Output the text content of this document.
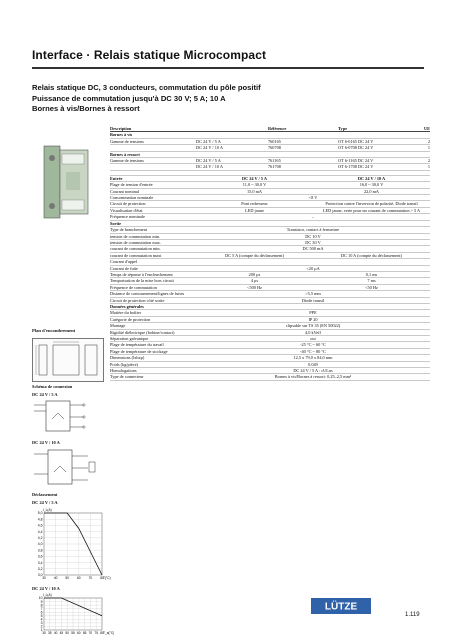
Interface · Relais statique Microcompact
Relais statique DC, 3 conducteurs, commutation du pôle positif
Puissance de commutation jusqu'à DC 30 V; 5 A; 10 A
Bornes à vis/Bornes à ressort
Plan d'encombrement
Schéma de connexion
DC 24 V / 5 A
DC 24 V / 10 A
Déclassement
DC 24 V / 5 A
5,0
4,8
4,6
4,4
4,2
4,0
3,8
3,6
3,4
3,2
3,0
30	40	50	60	70	80 T(°C)
I_L(A)
DC 24 V / 10 A
10
9
8
7
6
5
4
3
2
1
30 35 40 45 50 55 60 65 70 75 80 T_a(°C)
I_L(A)
Description	Référence	Type	UE
Bornes à vis
Gamme de tensions	DC 24 V / 5 A	760165	OT 6-0165 DC 24 V	2
DC 24 V / 10 A	760708	OT 6-0708 DC 24 V	1
Bornes à ressort
Gamme de tensions	DC 24 V / 5 A	761165	OT 6-1165 DC 24 V	2
DC 24 V / 10 A	761708	OT 6-1708 DC 24 V	1
Entrée	DC 24 V / 5 A	DC 24 V / 10 A
Plage de tension d'entrée	11,0 ~ 30,0 V	16,0 ~ 30,0 V
Courant nominal	15,0 mA	22,0 mA
Consommation nominale	<8 V
Circuit de protection	Pont redresseur	Protection contre l'inversion de polarité, Diode transil
Visualisation d'état	LED jaune	LED jaune, verte pour un courant de commutation > 5 A
Fréquence nominale	–
Sortie
Type de branchement	Transistor, contact à fermeture
tension de commutation min.	DC 10 V
tension de commutation max.	DC 30 V
courant de commutation min.	DC 500 mA
courant de commutation maxi	DC 5 A (compte du déclassement)	DC 10 A (compte du déclassement)
Courant d'appel
Courant de fuite	<20 µA
Temps de réponse à l'enclenchement	200 µs	0,1 ms
Temporisation de la mise hors circuit	4 µs	7 ms
Fréquence de commutation	<500 Hz	<50 Hz
Distance de contournement/lignes de fuites	>5,5 mm
Circuit de protection côté sortie	Diode transil
Données générales
Matière du boîtier	PPE
Catégorie de protection	IP 20
Montage	clipsable sur TS 35 (EN 50022)
Rigidité diélectrique (bobine/contact)	4,0 kVeff
Séparation galvanique	oui
Plage de température du travail	-25 °C ~ 60 °C
Plage de température de stockage	-40 °C ~ 80 °C
Dimensions (lxhxp)	12,5 x 79,0 x 84,0 mm
Poids (kg/pièce)	0.049
Homologations	DC 24 V / 5 A : cULus
Type de connecteur	Bornes à vis/Bornes à ressort: 0,25–2,5 mm²
LÜTZE
1.119
